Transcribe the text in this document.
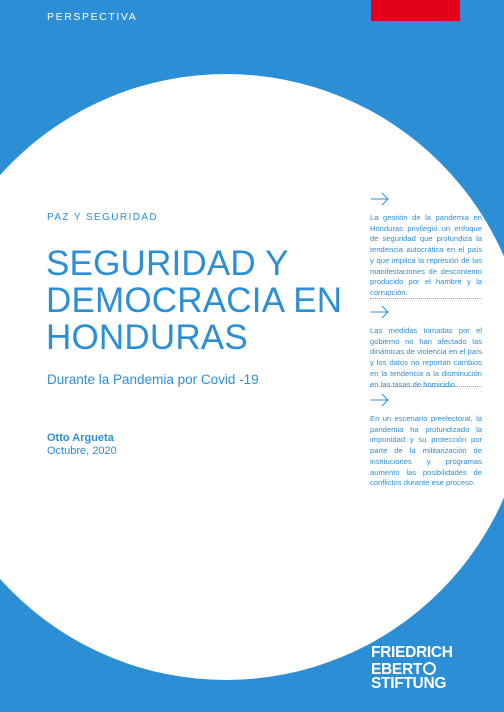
PERSPECTIVA
PAZ Y SEGURIDAD
SEGURIDAD Y
DEMOCRACIA EN
HONDURAS
Durante la Pandemia por Covid -19
Otto Argueta
Octubre, 2020

La gestión de la pandemia en Honduras privilegió un enfoque de seguridad que profundiza la tendencia autocrática en el país y que implica la represión de las manifestaciones de descontento producido por el hambre y la corrupción.

Las medidas tomadas por el gobierno no han afectado las dinámicas de violencia en el país y los datos no reportan cambios en la tendencia a la disminución en las tasas de homicidio.

En un escenario preelectoral, la pandemia ha profundizado la impunidad y su protección por parte de la militarización de instituciones y programas aumento las posibilidades de conflictos durante ese proceso.

FRIEDRICH
EBERT
STIFTUNG
